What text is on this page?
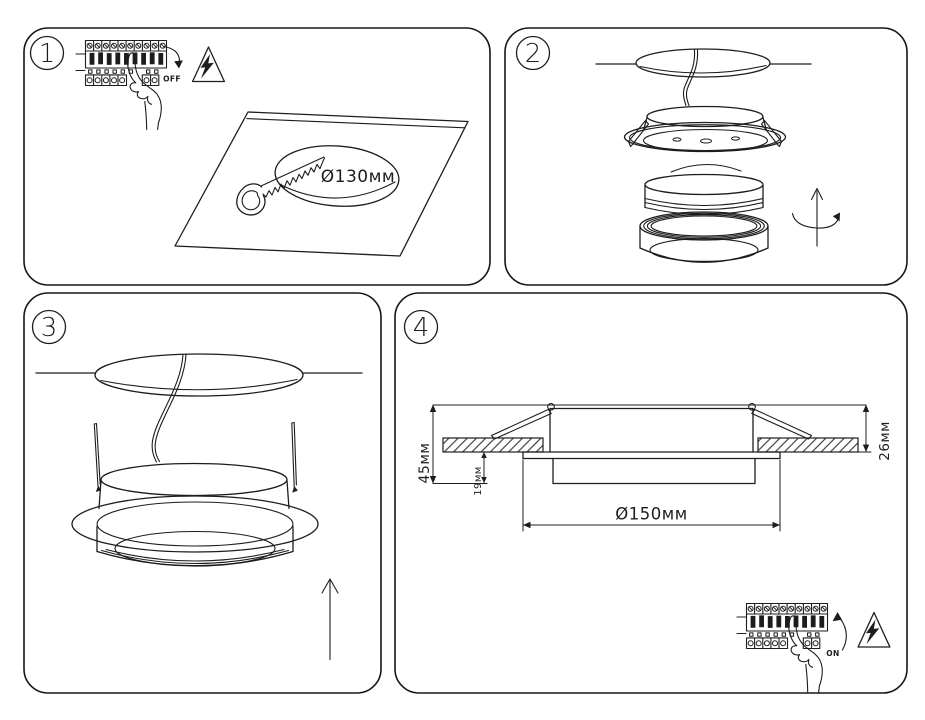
1
OFF
Ø130мм
2
3	4
45мм	19мм
26мм
Ø150мм
ON
